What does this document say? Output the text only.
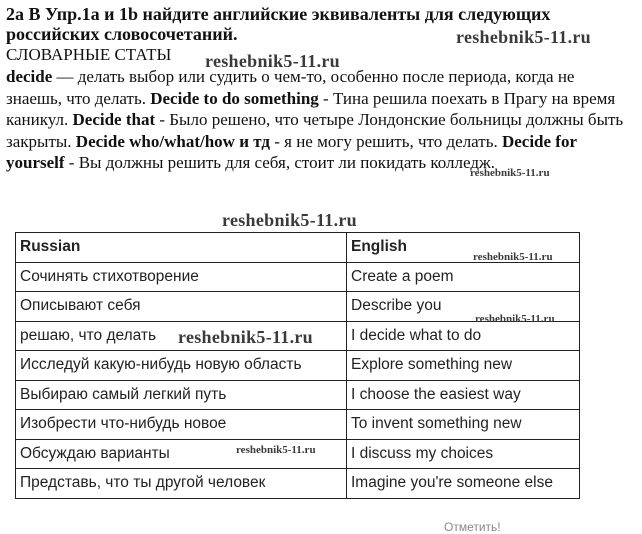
2а В Упр.1а и 1b найдите английские эквиваленты для следующих российских словосочетаний.
СЛОВАРНЫЕ СТАТЫ

decide — делать выбор или судить о чем-то, особенно после периода, когда не знаешь, что делать. Decide to do something - Тина решила поехать в Прагу на время каникул. Decide that - Было решено, что четыре Лондонские больницы должны быть закрыты. Decide who/what/how и тд - я не могу решить, что делать. Decide for yourself - Вы должны решить для себя, стоит ли покидать колледж.

Russian	English
Сочинять стихотворение	Create a poem
Описывают себя	Describe you
решаю, что делать	I decide what to do
Исследуй какую-нибудь новую область	Explore something new
Выбираю самый легкий путь	I choose the easiest way
Изобрести что-нибудь новое	To invent something new
Обсуждаю варианты	I discuss my choices
Представь, что ты другой человек	Imagine you're someone else
reshebnik5-11.ru
reshebnik5-11.ru
reshebnik5-11.ru
reshebnik5-11.ru
reshebnik5-11.ru
reshebnik5-11.ru
reshebnik5-11.ru
reshebnik5-11.ru
Отметить!
